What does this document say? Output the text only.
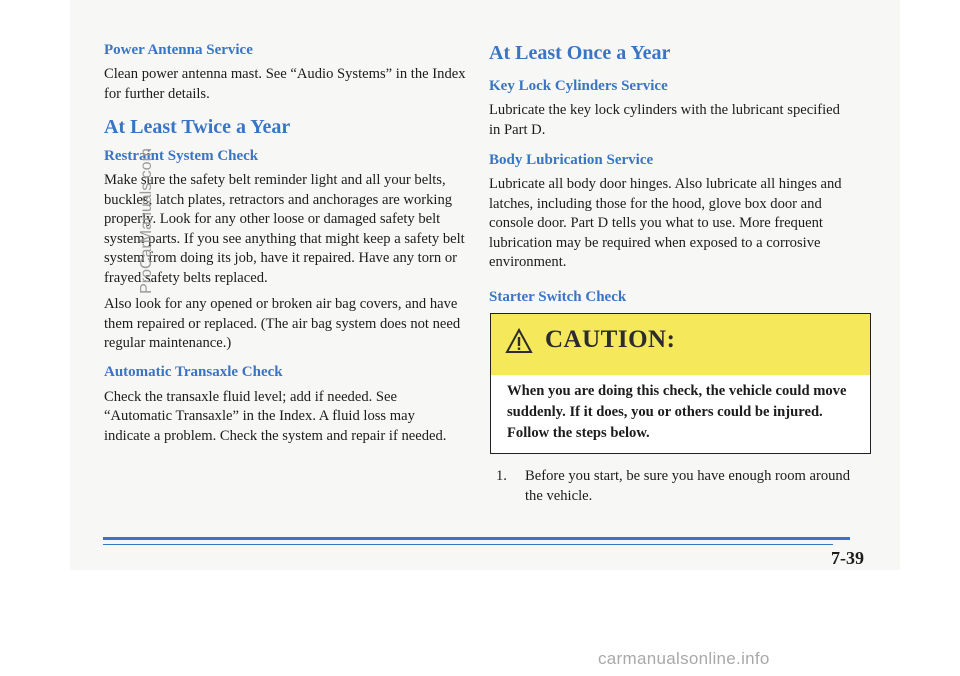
Power Antenna Service

Clean power antenna mast. See “Audio Systems” in the Index for further details.

At Least Twice a Year

Restraint System Check

Make sure the safety belt reminder light and all your belts, buckles, latch plates, retractors and anchorages are working properly. Look for any other loose or damaged safety belt system parts. If you see anything that might keep a safety belt system from doing its job, have it repaired. Have any torn or frayed safety belts replaced.

Also look for any opened or broken air bag covers, and have them repaired or replaced. (The air bag system does not need regular maintenance.)

Automatic Transaxle Check

Check the transaxle fluid level; add if needed. See “Automatic Transaxle” in the Index. A fluid loss may indicate a problem. Check the system and repair if needed.

At Least Once a Year

Key Lock Cylinders Service

Lubricate the key lock cylinders with the lubricant specified in Part D.

Body Lubrication Service

Lubricate all body door hinges. Also lubricate all hinges and latches, including those for the hood, glove box door and console door. Part D tells you what to use. More frequent lubrication may be required when exposed to a corrosive environment.

Starter Switch Check

CAUTION:
When you are doing this check, the vehicle could move suddenly. If it does, you or others could be injured. Follow the steps below.
1.	Before you start, be sure you have enough room around the vehicle.
7-39
ProCarManuals.com
carmanualsonline.info
